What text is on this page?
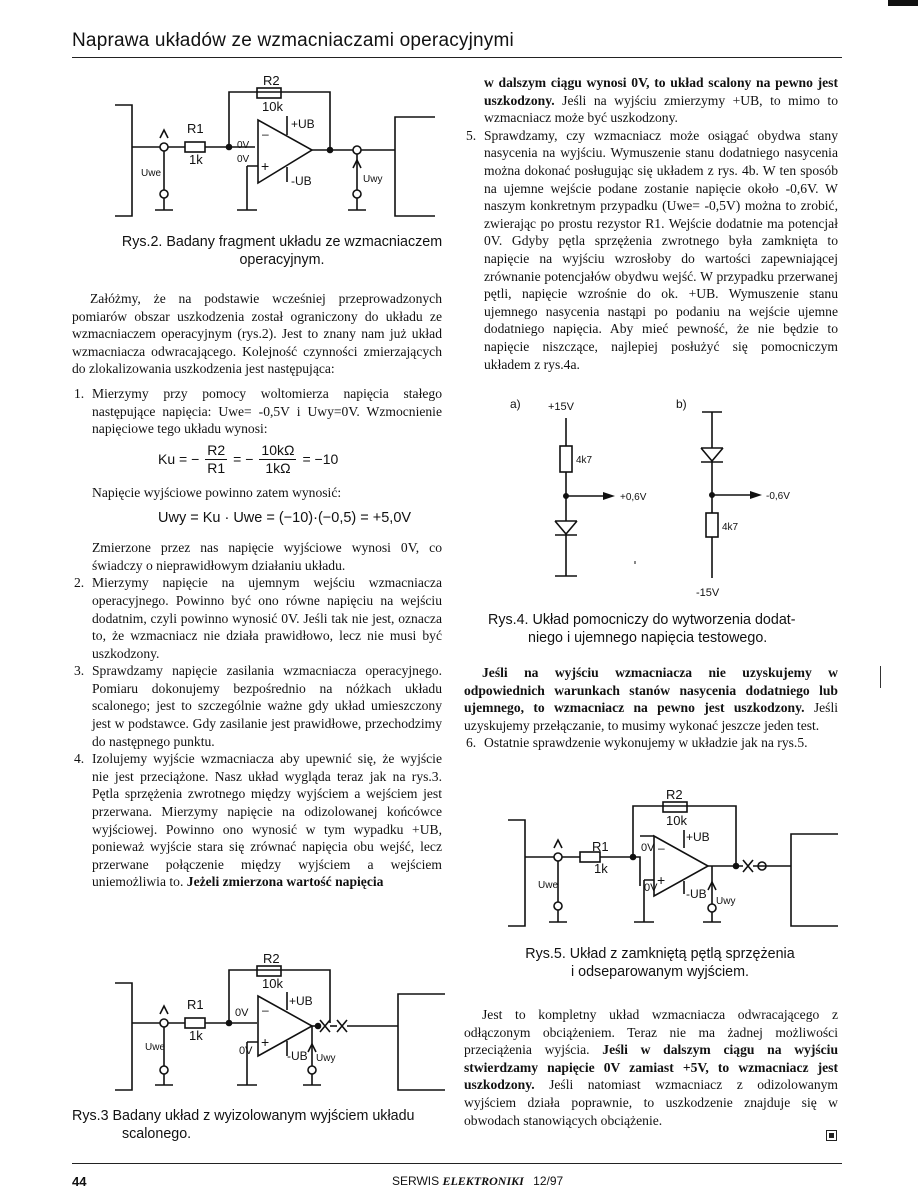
Naprawa układów ze wzmacniaczami operacyjnymi
R2
10k
R1
1k
+UB
-UB
0V
0V
–
+
Uwe
Uwy
Rys.2. Badany fragment układu ze wzmacniaczem
operacyjnym.

Załóżmy, że na podstawie wcześniej przeprowadzonych pomiarów obszar uszkodzenia został ograniczony do układu ze wzmacniaczem operacyjnym (rys.2). Jest to znany nam już układ wzmacniacza odwracającego. Kolejność czynności zmierzających do zlokalizowania uszkodzenia jest następująca:

1. Mierzymy przy pomocy woltomierza napięcia stałego następujące napięcia: Uwe= -0,5V i Uwy=0V. Wzmocnienie napięciowe tego układu wynosi:
Ku = − $\frac{R2}{R1}$ = − $\frac{10k\Omega}{1k\Omega} = -10$
Napięcie wyjściowe powinno zatem wynosić:
Uwy = Ku · Uwe = (−10)·(−0,5) = +5,0V
Zmierzone przez nas napięcie wyjściowe wynosi 0V, co świadczy o nieprawidłowym działaniu układu.
2. Mierzymy napięcie na ujemnym wejściu wzmacniacza operacyjnego. Powinno być ono równe napięciu na wejściu dodatnim, czyli powinno wynosić 0V. Jeśli tak nie jest, oznacza to, że wzmacniacz nie działa prawidłowo, lecz nie musi być uszkodzony.
3. Sprawdzamy napięcie zasilania wzmacniacza operacyjnego. Pomiaru dokonujemy bezpośrednio na nóżkach układu scalonego; jest to szczególnie ważne gdy układ umieszczony jest w podstawce. Gdy zasilanie jest prawidłowe, przechodzimy do następnego punktu.
4. Izolujemy wyjście wzmacniacza aby upewnić się, że wyjście nie jest przeciążone. Nasz układ wygląda teraz jak na rys.3. Pętla sprzężenia zwrotnego między wyjściem a wejściem jest przerwana. Mierzymy napięcie na odizolowanej końcówce wyjściowej. Powinno ono wynosić w tym wypadku +UB, ponieważ wyjście stara się zrównać napięcia obu wejść, lecz przerwane połączenie między wyjściem a wejściem uniemożliwia to. Jeżeli zmierzona wartość napięcia
R2
10k
R1
1k
+UB
-UB
0V
0V
–
+
Uwe
Uwy
Rys.3 Badany układ z wyizolowanym wyjściem układu
scalonego.
w dalszym ciągu wynosi 0V, to układ scalony na pewno jest uszkodzony. Jeśli na wyjściu zmierzymy +UB, to mimo to wzmacniacz może być uszkodzony.
5. Sprawdzamy, czy wzmacniacz może osiągać obydwa stany nasycenia na wyjściu. Wymuszenie stanu dodatniego nasycenia można dokonać posługując się układem z rys. 4b. W ten sposób na ujemne wejście podane zostanie napięcie około -0,6V. W naszym konkretnym przypadku (Uwe= -0,5V) można to zrobić, zwierając po prostu rezystor R1. Wejście dodatnie ma potencjał 0V. Gdyby pętla sprzężenia zwrotnego była zamknięta to napięcie na wyjściu wzrosłoby do wartości zapewniającej zrównanie potencjałów obydwu wejść. W przypadku przerwanej pętli, napięcie wzrośnie do ok. +UB. Wymuszenie stanu ujemnego nasycenia nastąpi po podaniu na wejście ujemne dodatniego napięcia. Aby mieć pewność, że nie będzie to napięcie niszczące, najlepiej posłużyć się pomocniczym układem z rys.4a.
a) +15V
4k7
+0,6V
b)
-0,6V
4k7
-15V
Rys.4. Układ pomocniczy do wytworzenia dodat-
niego i ujemnego napięcia testowego.

Jeśli na wyjściu wzmacniacza nie uzyskujemy w odpowiednich warunkach stanów nasycenia dodatniego lub ujemnego, to wzmacniacz na pewno jest uszkodzony. Jeśli uzyskujemy przełączanie, to musimy wykonać jeszcze jeden test.

6. Ostatnie sprawdzenie wykonujemy w układzie jak na rys.5.
R2
10k
R1
1k
+UB
-UB
0V
0V
–
+
Uwe
Uwy
Rys.5. Układ z zamkniętą pętlą sprzężenia
i odseparowanym wyjściem.

Jest to kompletny układ wzmacniacza odwracającego z odłączonym obciążeniem. Teraz nie ma żadnej możliwości przeciążenia wyjścia. Jeśli w dalszym ciągu na wyjściu stwierdzamy napięcie 0V zamiast +5V, to wzmacniacz jest uszkodzony. Jeśli natomiast wzmacniacz z odizolowanym wyjściem działa poprawnie, to uszkodzenie znajduje się w obwodach stanowiących obciążenie.

44	SERWIS ELEKTRONIKI 12/97
